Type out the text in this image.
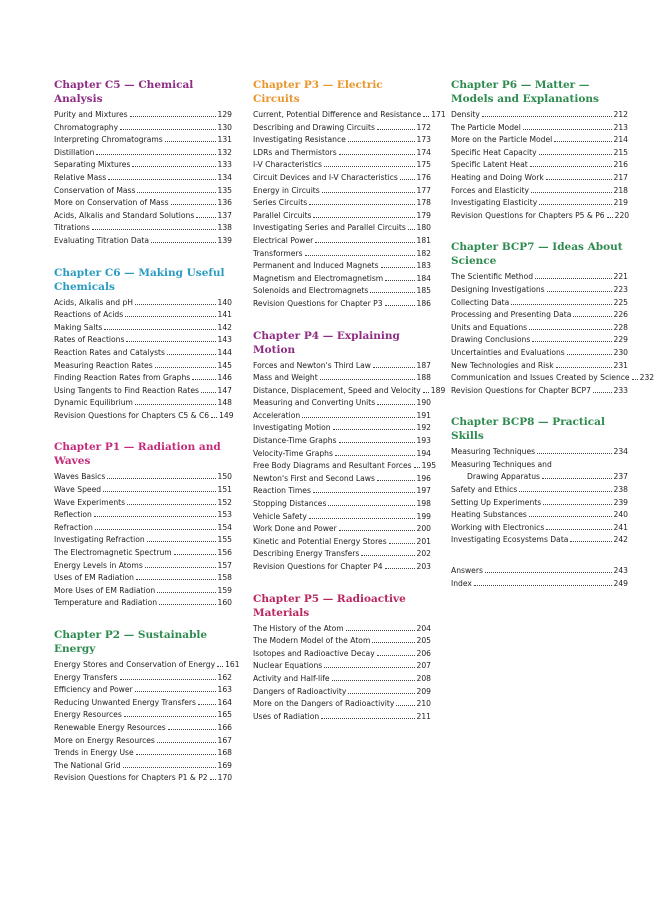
Chapter C5 — Chemical Analysis
Purity and Mixtures	129
Chromatography	130
Interpreting Chromatograms	131
Distillation	132
Separating Mixtures	133
Relative Mass	134
Conservation of Mass	135
More on Conservation of Mass	136
Acids, Alkalis and Standard Solutions	137
Titrations	138
Evaluating Titration Data	139
Chapter C6 — Making Useful Chemicals
Acids, Alkalis and pH	140
Reactions of Acids	141
Making Salts	142
Rates of Reactions	143
Reaction Rates and Catalysts	144
Measuring Reaction Rates	145
Finding Reaction Rates from Graphs	146
Using Tangents to Find Reaction Rates 147
Dynamic Equilibrium	148
Revision Questions for Chapters C5 & C6 149
Chapter P1 — Radiation and Waves
Waves Basics	150
Wave Speed	151
Wave Experiments	152
Reflection	153
Refraction	154
Investigating Refraction	155
The Electromagnetic Spectrum	156
Energy Levels in Atoms	157
Uses of EM Radiation	158
More Uses of EM Radiation	159
Temperature and Radiation	160
Chapter P2 — Sustainable Energy
Energy Stores and Conservation of Energy 161
Energy Transfers	162
Efficiency and Power	163
Reducing Unwanted Energy Transfers	164
Energy Resources	165
Renewable Energy Resources	166
More on Energy Resources	167
Trends in Energy Use	168
The National Grid	169
Revision Questions for Chapters P1 & P2 170
Chapter P3 — Electric Circuits
Current, Potential Difference and Resistance 171
Describing and Drawing Circuits	172
Investigating Resistance	173
LDRs and Thermistors	174
I-V Characteristics	175
Circuit Devices and I-V Characteristics 176
Energy in Circuits	177
Series Circuits	178
Parallel Circuits	179
Investigating Series and Parallel Circuits 180
Electrical Power	181
Transformers	182
Permanent and Induced Magnets	183
Magnetism and Electromagnetism	184
Solenoids and Electromagnets	185
Revision Questions for Chapter P3	186
Chapter P4 — Explaining Motion
Forces and Newton's Third Law	187
Mass and Weight	188
Distance, Displacement, Speed and Velocity 189
Measuring and Converting Units	190
Acceleration	191
Investigating Motion	192
Distance-Time Graphs	193
Velocity-Time Graphs	194
Free Body Diagrams and Resultant Forces 195
Newton's First and Second Laws	196
Reaction Times	197
Stopping Distances	198
Vehicle Safety	199
Work Done and Power	200
Kinetic and Potential Energy Stores	201
Describing Energy Transfers	202
Revision Questions for Chapter P4	203
Chapter P5 — Radioactive Materials
The History of the Atom	204
The Modern Model of the Atom	205
Isotopes and Radioactive Decay	206
Nuclear Equations	207
Activity and Half-life	208
Dangers of Radioactivity	209
More on the Dangers of Radioactivity	210
Uses of Radiation	211
Chapter P6 — Matter — Models and Explanations
Density	212
The Particle Model	213
More on the Particle Model	214
Specific Heat Capacity	215
Specific Latent Heat	216
Heating and Doing Work	217
Forces and Elasticity	218
Investigating Elasticity	219
Revision Questions for Chapters P5 & P6 220
Chapter BCP7 — Ideas About Science
The Scientific Method	221
Designing Investigations	223
Collecting Data	225
Processing and Presenting Data	226
Units and Equations	228
Drawing Conclusions	229
Uncertainties and Evaluations	230
New Technologies and Risk	231
Communication and Issues Created by Science 232
Revision Questions for Chapter BCP7	233
Chapter BCP8 — Practical Skills
Measuring Techniques	234
Measuring Techniques and
Drawing Apparatus	237
Safety and Ethics	238
Setting Up Experiments	239
Heating Substances	240
Working with Electronics	241
Investigating Ecosystems Data	242
Answers	243
Index	249
